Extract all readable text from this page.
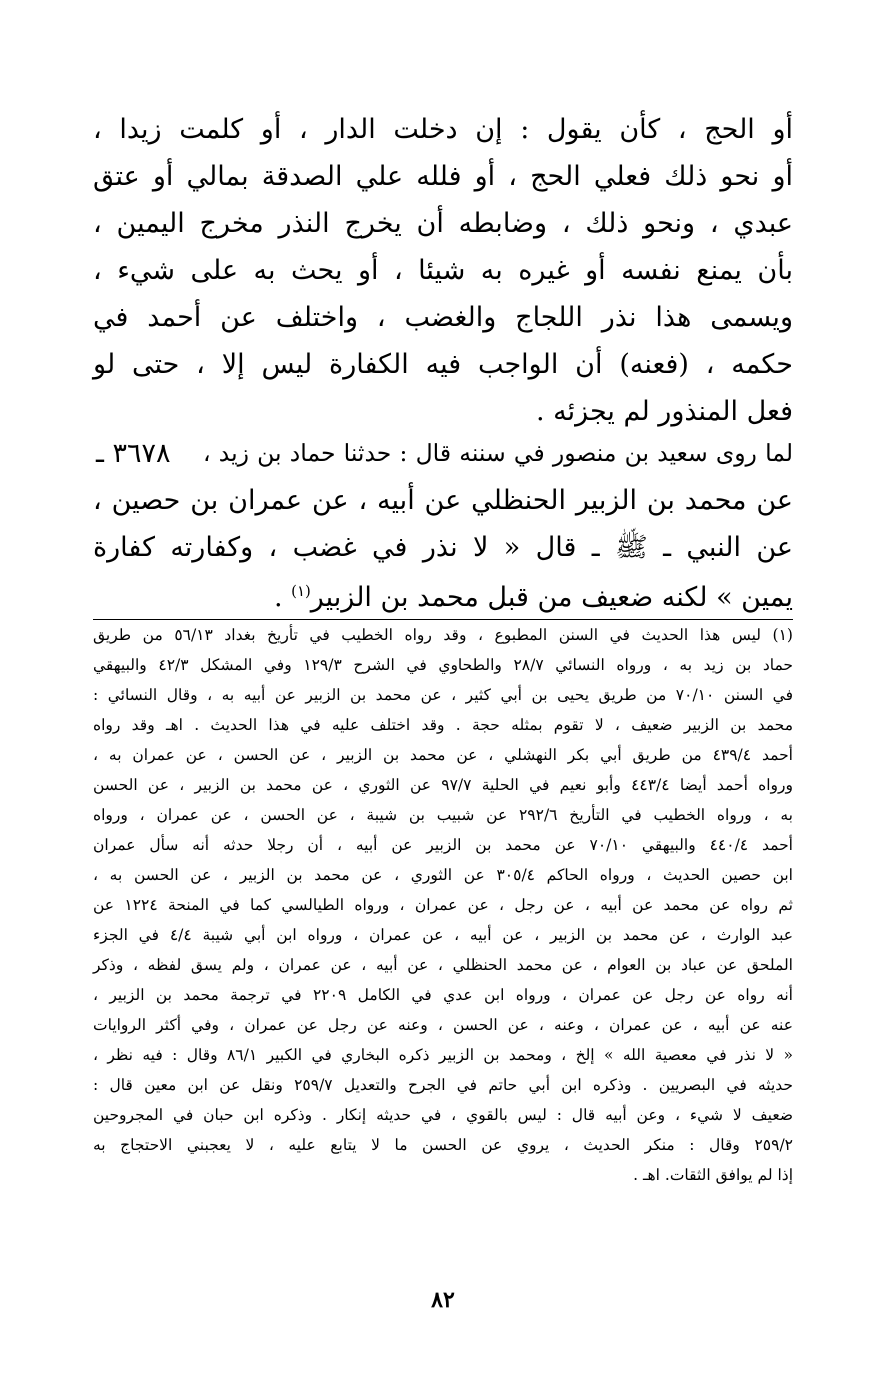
أو الحج ، كأن يقول : إن دخلت الدار ، أو كلمت زيدا ،
أو نحو ذلك فعلي الحج ، أو فلله علي الصدقة بمالي أو عتق
عبدي ، ونحو ذلك ، وضابطه أن يخرج النذر مخرج اليمين ،
بأن يمنع نفسه أو غيره به شيئا ، أو يحث به على شيء ،
ويسمى هذا نذر اللجاج والغضب ، واختلف عن أحمد في
حكمه ، (فعنه) أن الواجب فيه الكفارة ليس إلا ، حتى لو
فعل المنذور لم يجزئه .
٣٦٧٨ ـ	لما روى سعيد بن منصور في سننه قال : حدثنا حماد بن زيد ،
عن محمد بن الزبير الحنظلي عن أبيه ، عن عمران بن حصين ،
عن النبي ـ ﷺ ـ قال « لا نذر في غضب ، وكفارته كفارة
يمين » لكنه ضعيف من قبل محمد بن الزبير$^{(١)}$ .
(١) ليس هذا الحديث في السنن المطبوع ، وقد رواه الخطيب في تأريخ بغداد ٥٦/١٣ من طريق
حماد بن زيد به ، ورواه النسائي ٢٨/٧ والطحاوي في الشرح ١٢٩/٣ وفي المشكل ٤٢/٣ والبيهقي
في السنن ٧٠/١٠ من طريق يحيى بن أبي كثير ، عن محمد بن الزبير عن أبيه به ، وقال النسائي :
محمد بن الزبير ضعيف ، لا تقوم بمثله حجة . وقد اختلف عليه في هذا الحديث . اهـ وقد رواه
أحمد ٤٣٩/٤ من طريق أبي بكر النهشلي ، عن محمد بن الزبير ، عن الحسن ، عن عمران به ،
ورواه أحمد أيضا ٤٤٣/٤ وأبو نعيم في الحلية ٩٧/٧ عن الثوري ، عن محمد بن الزبير ، عن الحسن
به ، ورواه الخطيب في التأريخ ٢٩٢/٦ عن شبيب بن شيبة ، عن الحسن ، عن عمران ، ورواه
أحمد ٤٤٠/٤ والبيهقي ٧٠/١٠ عن محمد بن الزبير عن أبيه ، أن رجلا حدثه أنه سأل عمران
ابن حصين الحديث ، ورواه الحاكم ٣٠٥/٤ عن الثوري ، عن محمد بن الزبير ، عن الحسن به ،
ثم رواه عن محمد عن أبيه ، عن رجل ، عن عمران ، ورواه الطيالسي كما في المنحة ١٢٢٤ عن
عبد الوارث ، عن محمد بن الزبير ، عن أبيه ، عن عمران ، ورواه ابن أبي شيبة ٤/٤ في الجزء
الملحق عن عباد بن العوام ، عن محمد الحنظلي ، عن أبيه ، عن عمران ، ولم يسق لفظه ، وذكر
أنه رواه عن رجل عن عمران ، ورواه ابن عدي في الكامل ٢٢٠٩ في ترجمة محمد بن الزبير ،
عنه عن أبيه ، عن عمران ، وعنه ، عن الحسن ، وعنه عن رجل عن عمران ، وفي أكثر الروايات
« لا نذر في معصية الله » إلخ ، ومحمد بن الزبير ذكره البخاري في الكبير ٨٦/١ وقال : فيه نظر ،
حديثه في البصريين . وذكره ابن أبي حاتم في الجرح والتعديل ٢٥٩/٧ ونقل عن ابن معين قال :
ضعيف لا شيء ، وعن أبيه قال : ليس بالقوي ، في حديثه إنكار . وذكره ابن حبان في المجروحين
٢٥٩/٢ وقال : منكر الحديث ، يروي عن الحسن ما لا يتابع عليه ، لا يعجبني الاحتجاج به
إذا لم يوافق الثقات. اهـ .
٨٢
